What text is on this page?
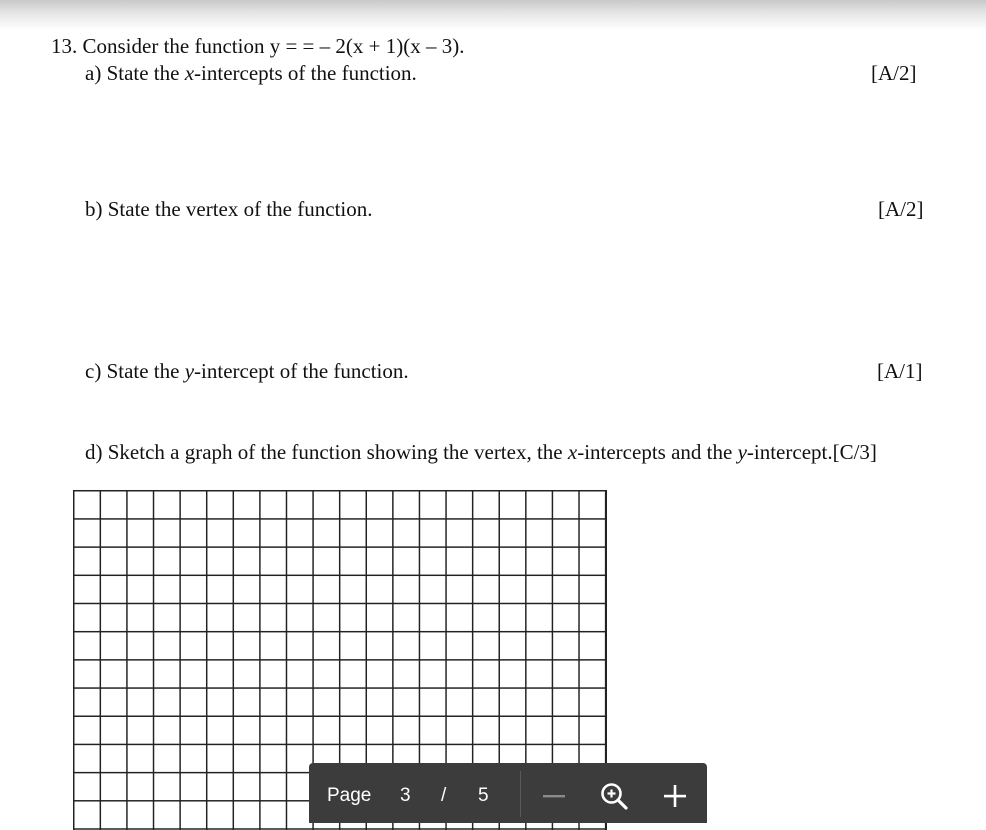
13. Consider the function y = = – 2(x + 1)(x – 3).
a) State the x-intercepts of the function.	[A/2]
b) State the vertex of the function.	[A/2]
c) State the y-intercept of the function.	[A/1]
d) Sketch a graph of the function showing the vertex, the x-intercepts and the y-intercept.[C/3]
Page 3 / 5
